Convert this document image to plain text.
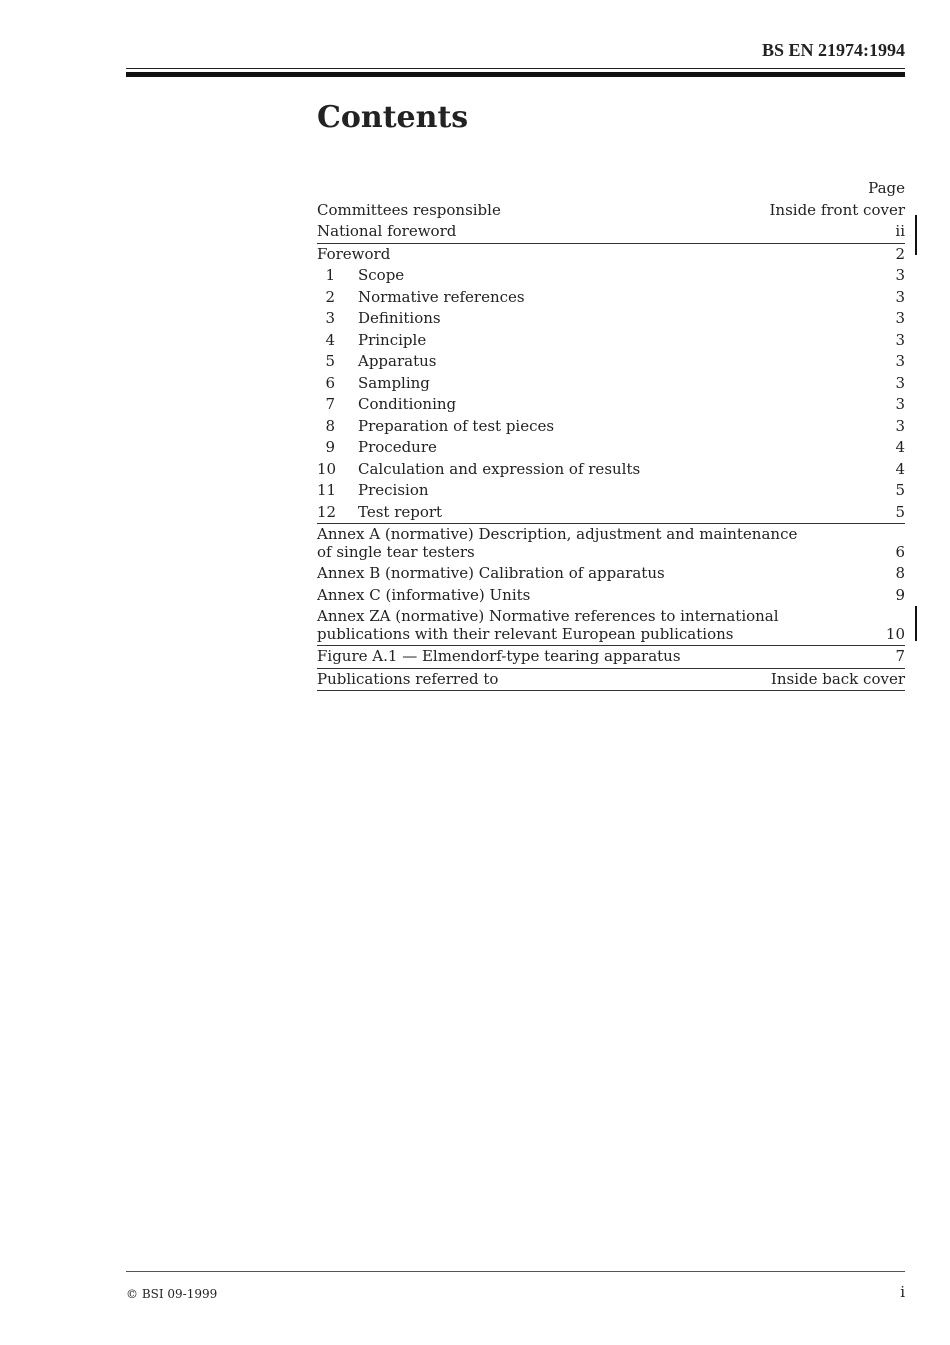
BS EN 21974:1994
Contents
Page
Committees responsible	Inside front cover
National foreword	ii
Foreword	2
1 Scope	3
2 Normative references	3
3 Definitions	3
4 Principle	3
5 Apparatus	3
6 Sampling	3
7 Conditioning	3
8 Preparation of test pieces	3
9 Procedure	4
10 Calculation and expression of results	4
11 Precision	5
12 Test report	5
Annex A (normative) Description, adjustment and maintenance
of single tear testers	6
Annex B (normative) Calibration of apparatus	8
Annex C (informative) Units	9
Annex ZA (normative) Normative references to international
publications with their relevant European publications	10
Figure A.1 — Elmendorf-type tearing apparatus	7
Publications referred to	Inside back cover
© BSI 09-1999	i
